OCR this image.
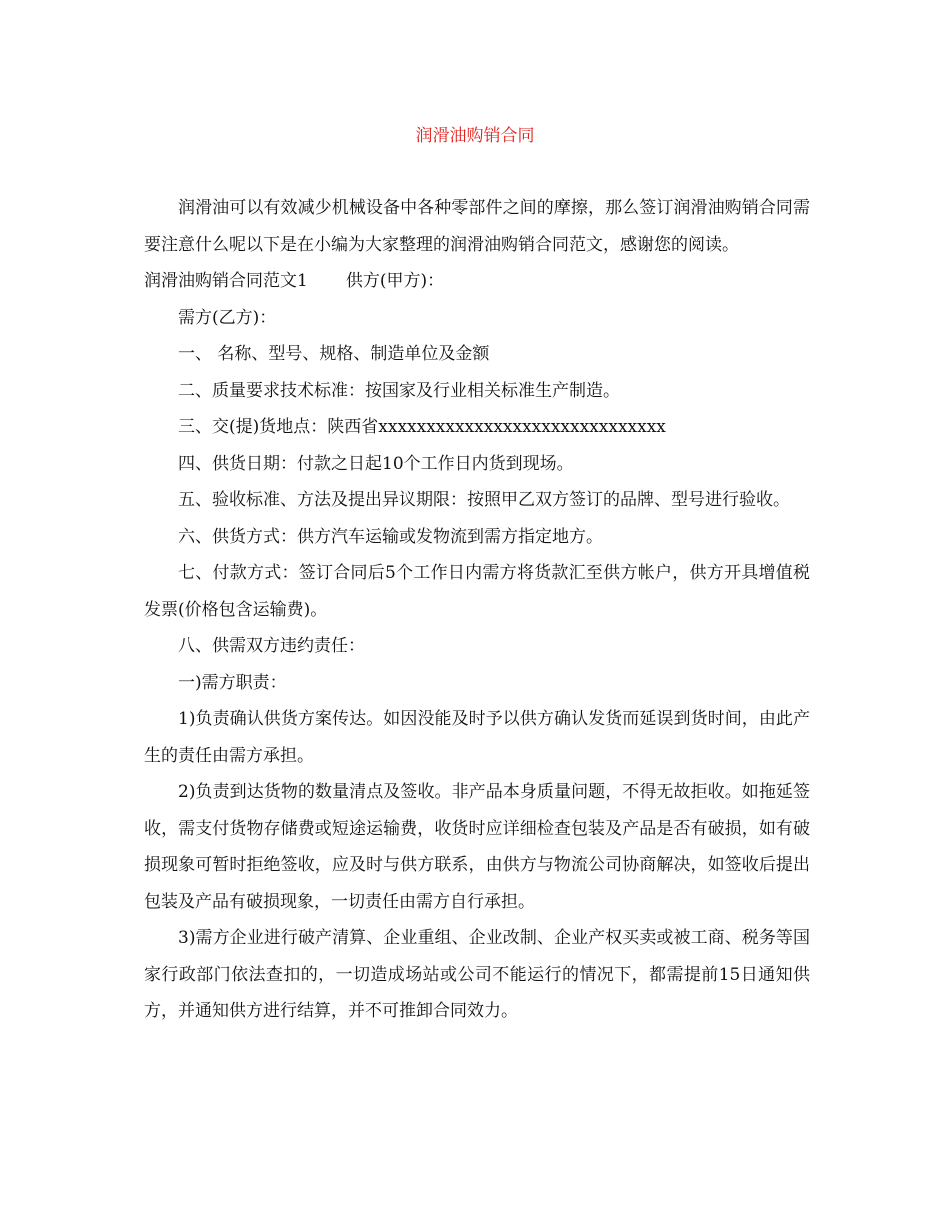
润滑油购销合同

润滑油可以有效减少机械设备中各种零部件之间的摩擦，那么签订润滑油购销合同需要注意什么呢以下是在小编为大家整理的润滑油购销合同范文，感谢您的阅读。

润滑油购销合同范文1 供方(甲方)：

需方(乙方)：

一、 名称、型号、规格、制造单位及金额

二、质量要求技术标准：按国家及行业相关标准生产制造。

三、交(提)货地点：陕西省xxxxxxxxxxxxxxxxxxxxxxxxxxxxxx

四、供货日期：付款之日起10个工作日内货到现场。

五、验收标准、方法及提出异议期限：按照甲乙双方签订的品牌、型号进行验收。

六、供货方式：供方汽车运输或发物流到需方指定地方。

七、付款方式：签订合同后5个工作日内需方将货款汇至供方帐户，供方开具增值税发票(价格包含运输费)。

八、供需双方违约责任：

一)需方职责：

1)负责确认供货方案传达。如因没能及时予以供方确认发货而延误到货时间，由此产生的责任由需方承担。

2)负责到达货物的数量清点及签收。非产品本身质量问题，不得无故拒收。如拖延签收，需支付货物存储费或短途运输费，收货时应详细检查包装及产品是否有破损，如有破损现象可暂时拒绝签收，应及时与供方联系，由供方与物流公司协商解决，如签收后提出包装及产品有破损现象，一切责任由需方自行承担。

3)需方企业进行破产清算、企业重组、企业改制、企业产权买卖或被工商、税务等国家行政部门依法查扣的，一切造成场站或公司不能运行的情况下，都需提前15日通知供方，并通知供方进行结算，并不可推卸合同效力。
